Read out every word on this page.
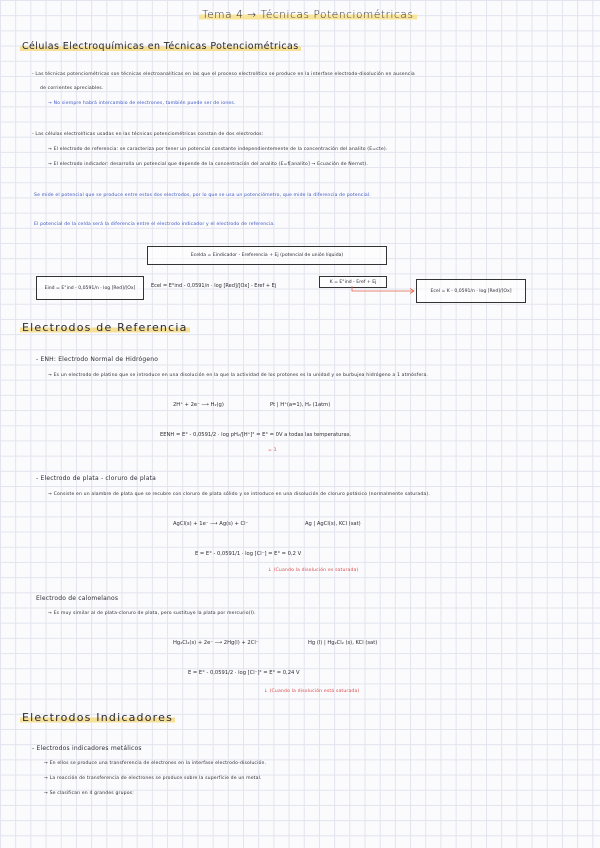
Tema 4 → Técnicas Potenciométricas
Células Electroquímicas en Técnicas Potenciométricas
- Las técnicas potenciométricas son técnicas electroanalíticas en las que el proceso electrolítico se produce en la interfase electrodo-disolución en ausencia
de corrientes apreciables.
→ No siempre habrá intercambio de electrones, también puede ser de iones.
- Las células electrolíticas usadas en las técnicas potenciométricas constan de dos electrodos:
→ El electrodo de referencia: se caracteriza por tener un potencial constante independientemente de la concentración del analito (E=cte).
→ El electrodo indicador: desarrolla un potencial que depende de la concentración del analito (E=f[analito] → Ecuación de Nernst).
Se mide el potencial que se produce entre estos dos electrodos, por lo que se usa un potenciómetro, que mide la diferencia de potencial.
El potencial de la celda será la diferencia entre el electrodo indicador y el electrodo de referencia.
Ecelda = Eindicador - Ereferencia + Ej (potencial de unión líquida)
Eind = E°ind - 0,0591/n · log [Red]/[Ox]	Ecel = E°ind - 0,0591/n · log [Red]/[Ox] - Eref + Ej
K = E°ind - Eref + Ej
Ecel = K - 0,0591/n · log [Red]/[Ox]
Electrodos de Referencia
- ENH: Electrodo Normal de Hidrógeno
→ Es un electrodo de platino que se introduce en una disolución en la que la actividad de los protones es la unidad y se burbujea hidrógeno a 1 atmósfera.
2H⁺ + 2e⁻ ⟶ H₂(g)	Pt | H⁺(a=1), H₂ (1atm)
EENH = E° - 0,0591/2 · log pH₂/[H⁺]² = E° = 0V a todas las temperaturas.
= 1
- Electrodo de plata - cloruro de plata
→ Consiste en un alambre de plata que se recubre con cloruro de plata sólido y se introduce en una disolución de cloruro potásico (normalmente saturada).
AgCl(s) + 1e⁻ ⟶ Ag(s) + Cl⁻	Ag | AgCl(s), KCl (sat)
E = E° - 0,0591/1 · log [Cl⁻] = E° = 0,2 V
↓ (Cuando la disolución es saturada)
Electrodo de calomelanos
→ Es muy similar al de plata-cloruro de plata, pero sustituye la plata por mercurio(I).
Hg₂Cl₂(s) + 2e⁻ ⟶ 2Hg(l) + 2Cl⁻	Hg (l) | Hg₂Cl₂ (s), KCl (sat)
E = E° - 0,0591/2 · log [Cl⁻]² = E° = 0,24 V
↓ (Cuando la disolución está saturada)
Electrodos Indicadores
- Electrodos indicadores metálicos
→ En ellos se produce una transferencia de electrones en la interfase electrodo-disolución.
→ La reacción de transferencia de electrones se produce sobre la superficie de un metal.
→ Se clasifican en 4 grandes grupos:
